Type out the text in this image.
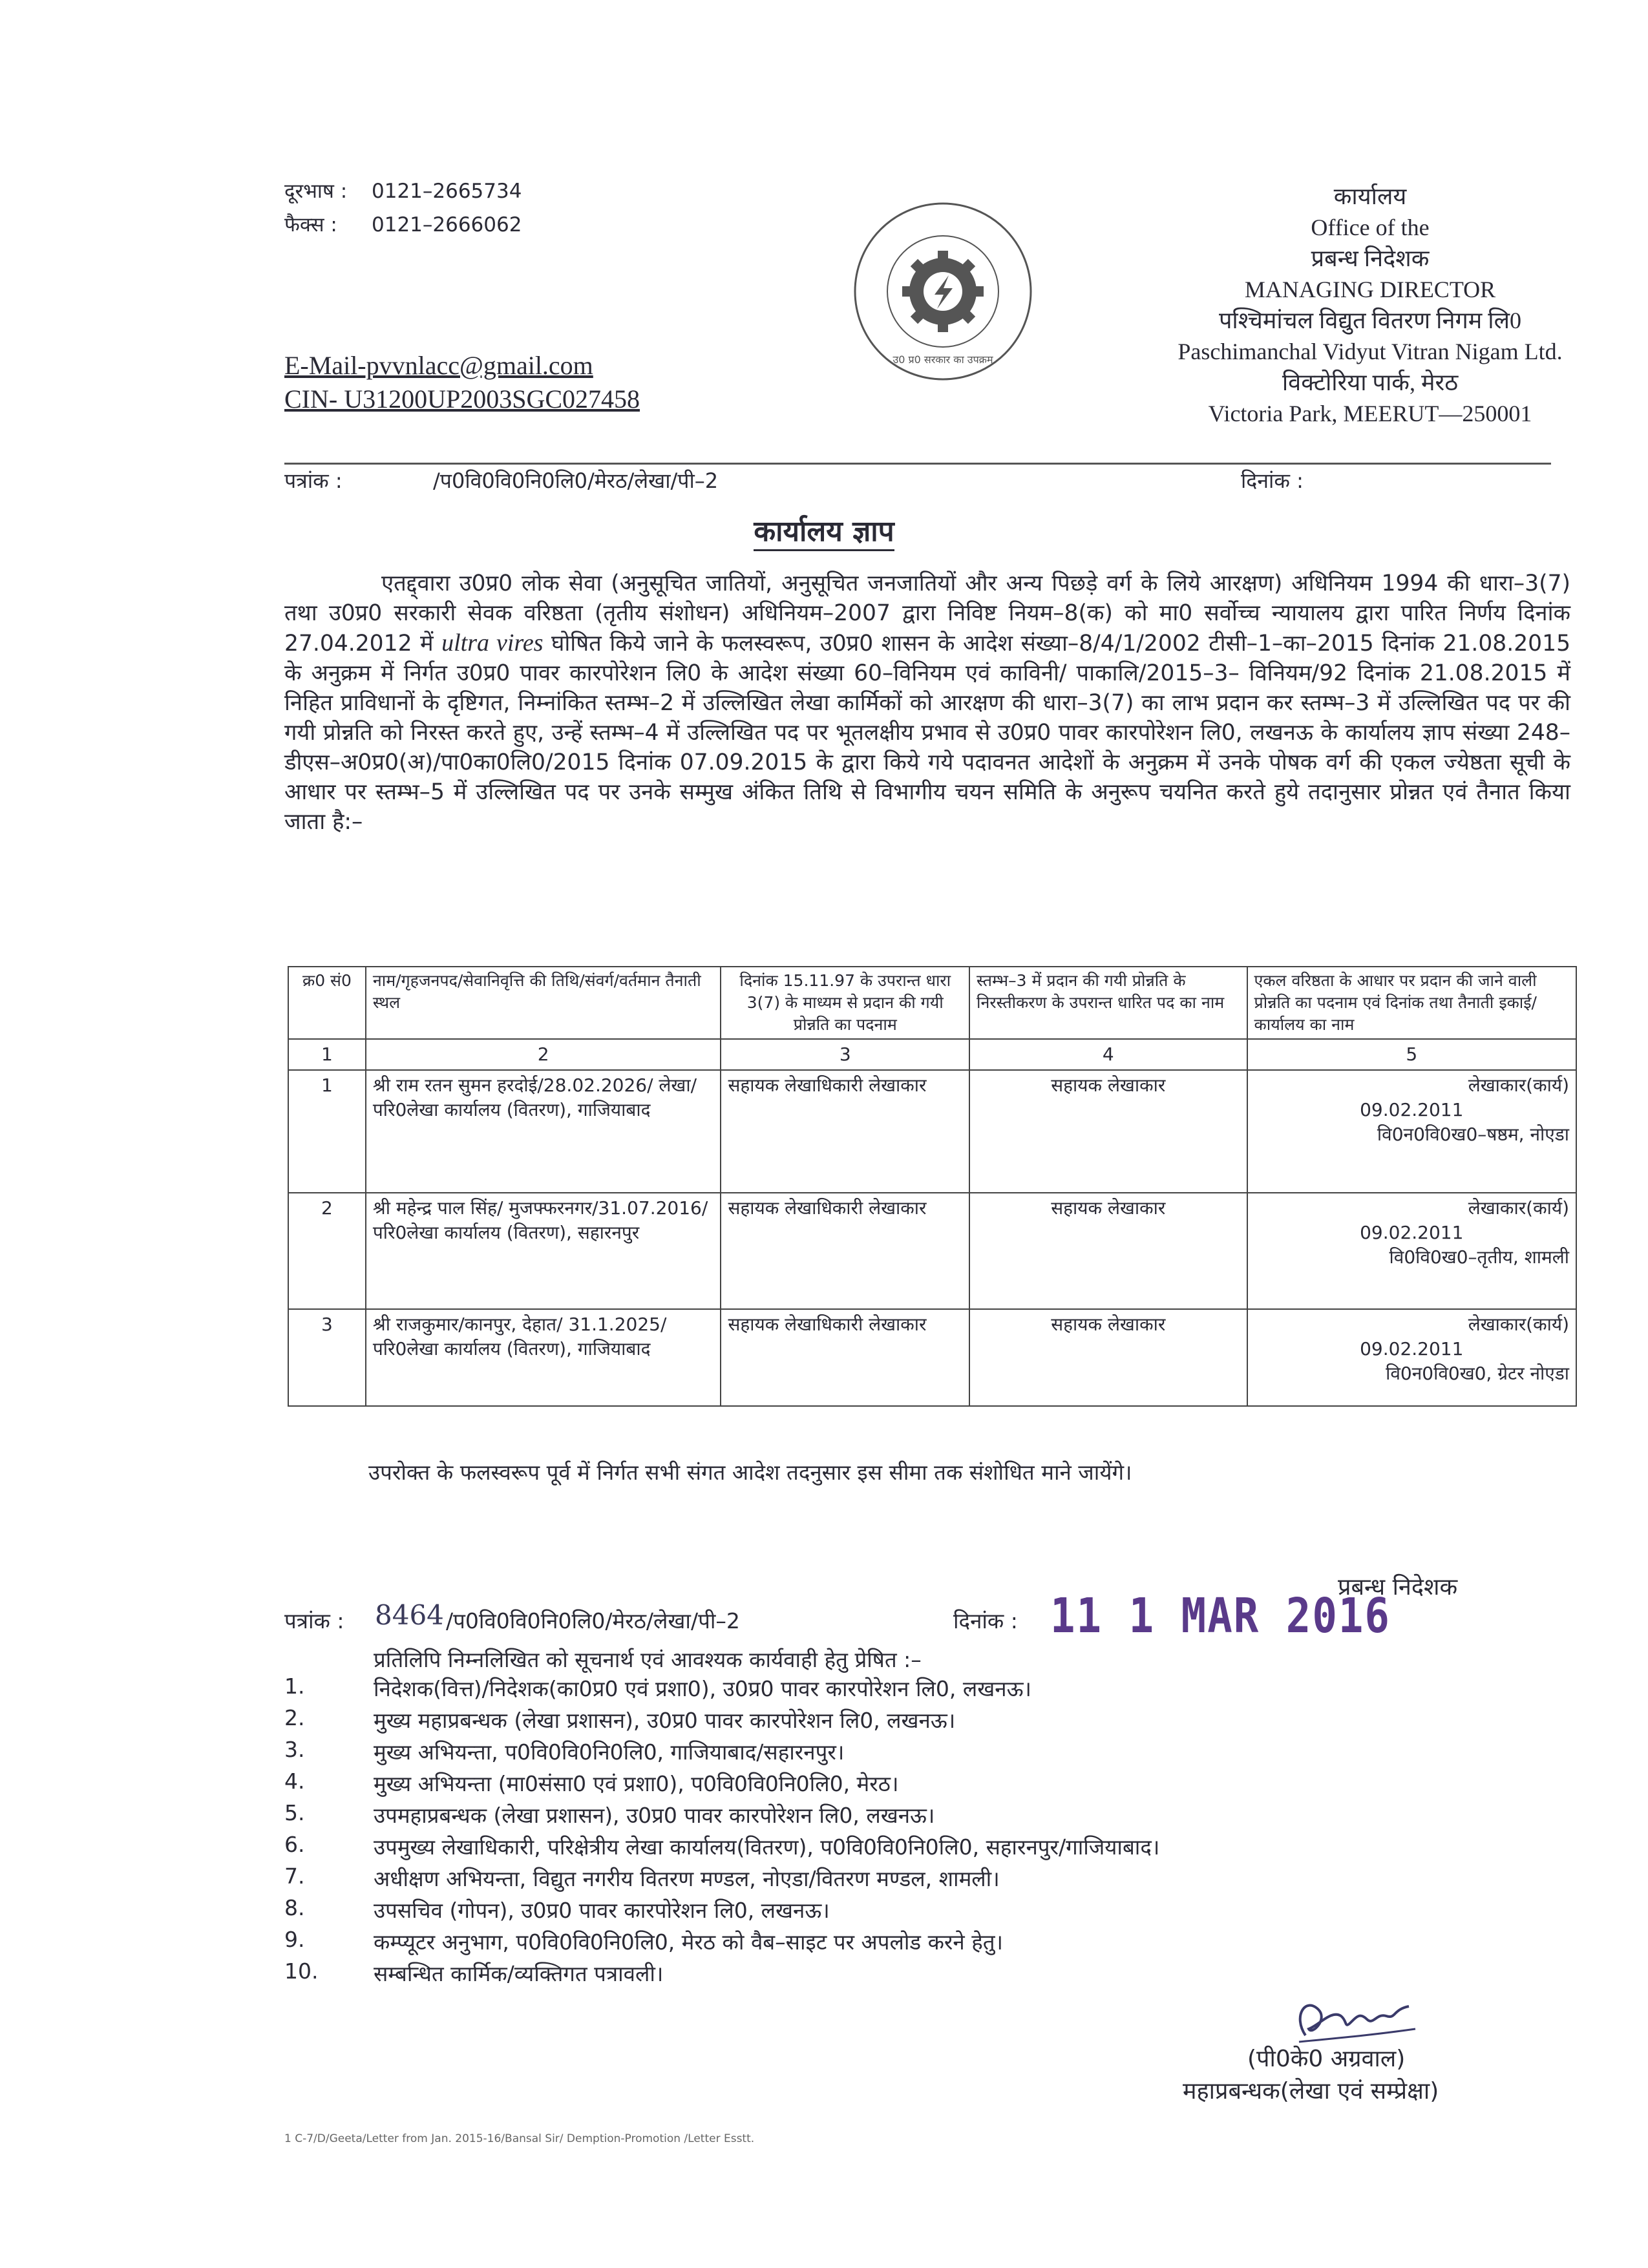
दूरभाष : 0121–2665734
फैक्स : 0121–2666062
E-Mail-pvvnlacc@gmail.com
CIN- U31200UP2003SGC027458
उ0 प्र0 सरकार का उपक्रम
कार्यालय
Office of the
प्रबन्ध निदेशक
MANAGING DIRECTOR
पश्चिमांचल विद्युत वितरण निगम लि0
Paschimanchal Vidyut Vitran Nigam Ltd.
विक्टोरिया पार्क, मेरठ
Victoria Park, MEERUT—250001
पत्रांक :	/प0वि0वि0नि0लि0/मेरठ/लेखा/पी–2	दिनांक :
कार्यालय ज्ञाप
एतद्द्वारा उ0प्र0 लोक सेवा (अनुसूचित जातियों, अनुसूचित जनजातियों और अन्य पिछड़े वर्ग के लिये आरक्षण) अधिनियम 1994 की धारा–3(7) तथा उ0प्र0 सरकारी सेवक वरिष्ठता (तृतीय संशोधन) अधिनियम–2007 द्वारा निविष्ट नियम–8(क) को मा0 सर्वोच्च न्यायालय द्वारा पारित निर्णय दिनांक 27.04.2012 में ultra vires घोषित किये जाने के फलस्वरूप, उ0प्र0 शासन के आदेश संख्या–8/4/1/2002 टीसी–1–का–2015 दिनांक 21.08.2015 के अनुक्रम में निर्गत उ0प्र0 पावर कारपोरेशन लि0 के आदेश संख्या 60–विनियम एवं काविनी/ पाकालि/2015–3– विनियम/92 दिनांक 21.08.2015 में निहित प्राविधानों के दृष्टिगत, निम्नांकित स्तम्भ–2 में उल्लिखित लेखा कार्मिकों को आरक्षण की धारा–3(7) का लाभ प्रदान कर स्तम्भ–3 में उल्लिखित पद पर की गयी प्रोन्नति को निरस्त करते हुए, उन्हें स्तम्भ–4 में उल्लिखित पद पर भूतलक्षीय प्रभाव से उ0प्र0 पावर कारपोरेशन लि0, लखनऊ के कार्यालय ज्ञाप संख्या 248–डीएस–अ0प्र0(अ)/पा0का0लि0/2015 दिनांक 07.09.2015 के द्वारा किये गये पदावनत आदेशों के अनुक्रम में उनके पोषक वर्ग की एकल ज्येष्ठता सूची के आधार पर स्तम्भ–5 में उल्लिखित पद पर उनके सम्मुख अंकित तिथि से विभागीय चयन समिति के अनुरूप चयनित करते हुये तदानुसार प्रोन्नत एवं तैनात किया जाता है:–
क्र0 सं0	नाम/गृहजनपद/सेवानिवृत्ति की तिथि/संवर्ग/वर्तमान तैनाती स्थल	दिनांक 15.11.97 के उपरान्त धारा 3(7) के माध्यम से प्रदान की गयी प्रोन्नति का पदनाम	स्तम्भ–3 में प्रदान की गयी प्रोन्नति के निरस्तीकरण के उपरान्त धारित पद का नाम	एकल वरिष्ठता के आधार पर प्रदान की जाने वाली प्रोन्नति का पदनाम एवं दिनांक तथा तैनाती इकाई/कार्यालय का नाम
1	2	3	4	5
1	श्री राम रतन सुमन हरदोई/28.02.2026/ लेखा/ परि0लेखा कार्यालय (वितरण), गाजियाबाद	सहायक लेखाधिकारी लेखाकार	सहायक लेखाकार	लेखाकार(कार्य)
09.02.2011
वि0न0वि0ख0–षष्ठम, नोएडा

2	श्री महेन्द्र पाल सिंह/ मुजफ्फरनगर/31.07.2016/ परि0लेखा कार्यालय (वितरण), सहारनपुर	सहायक लेखाधिकारी लेखाकार	सहायक लेखाकार	लेखाकार(कार्य)
09.02.2011
वि0वि0ख0–तृतीय, शामली

3	श्री राजकुमार/कानपुर, देहात/ 31.1.2025/ परि0लेखा कार्यालय (वितरण), गाजियाबाद	सहायक लेखाधिकारी लेखाकार	सहायक लेखाकार	लेखाकार(कार्य)
09.02.2011
वि0न0वि0ख0, ग्रेटर नोएडा
उपरोक्त के फलस्वरूप पूर्व में निर्गत सभी संगत आदेश तदनुसार इस सीमा तक संशोधित माने जायेंगे।
प्रबन्ध निदेशक
पत्रांक : 8464 /प0वि0वि0नि0लि0/मेरठ/लेखा/पी–2	दिनांक : 11 1 MAR 2016
प्रतिलिपि निम्नलिखित को सूचनार्थ एवं आवश्यक कार्यवाही हेतु प्रेषित :–
1.	निदेशक(वित्त)/निदेशक(का0प्र0 एवं प्रशा0), उ0प्र0 पावर कारपोरेशन लि0, लखनऊ।
2.	मुख्य महाप्रबन्धक (लेखा प्रशासन), उ0प्र0 पावर कारपोरेशन लि0, लखनऊ।
3.	मुख्य अभियन्ता, प0वि0वि0नि0लि0, गाजियाबाद/सहारनपुर।
4.	मुख्य अभियन्ता (मा0संसा0 एवं प्रशा0), प0वि0वि0नि0लि0, मेरठ।
5.	उपमहाप्रबन्धक (लेखा प्रशासन), उ0प्र0 पावर कारपोरेशन लि0, लखनऊ।
6.	उपमुख्य लेखाधिकारी, परिक्षेत्रीय लेखा कार्यालय(वितरण), प0वि0वि0नि0लि0, सहारनपुर/गाजियाबाद।
7.	अधीक्षण अभियन्ता, विद्युत नगरीय वितरण मण्डल, नोएडा/वितरण मण्डल, शामली।
8.	उपसचिव (गोपन), उ0प्र0 पावर कारपोरेशन लि0, लखनऊ।
9.	कम्प्यूटर अनुभाग, प0वि0वि0नि0लि0, मेरठ को वैब–साइट पर अपलोड करने हेतु।
10.	सम्बन्धित कार्मिक/व्यक्तिगत पत्रावली।
(पी0के0 अग्रवाल)
महाप्रबन्धक(लेखा एवं सम्प्रेक्षा)
1 C-7/D/Geeta/Letter from Jan. 2015-16/Bansal Sir/ Demption-Promotion /Letter Esstt.
